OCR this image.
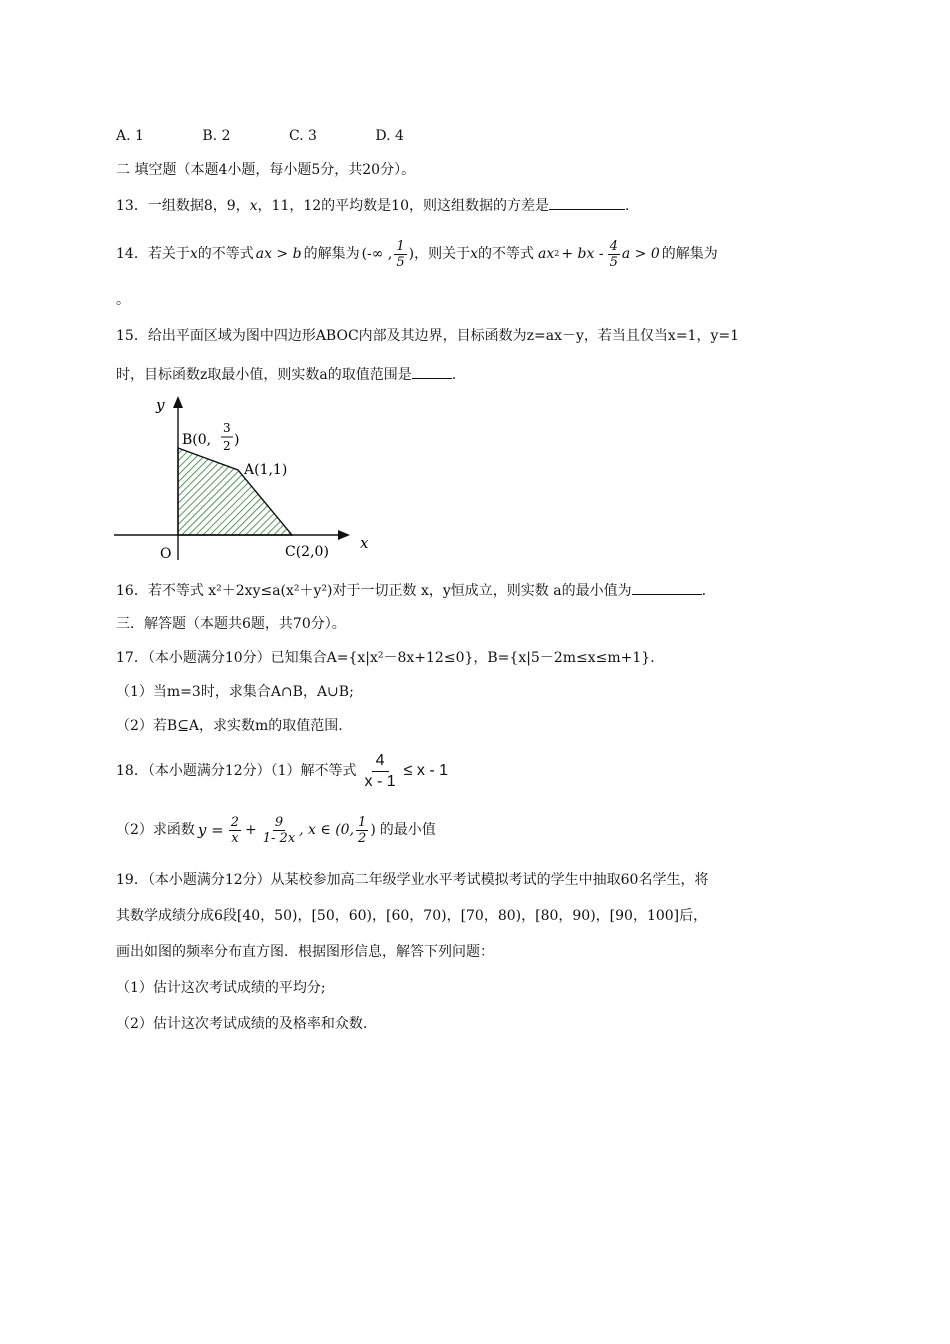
A. 1	B. 2	C. 3	D. 4
二 填空题（本题4小题，每小题5分，共20分）。
13．一组数据8，9，x，11，12的平均数是10，则这组数据的方差是	.
14．若关于 x 的不等式 ax > b 的解集为 (-∞ , $\frac{1}{5}$ ) ，则关于 x 的不等式 ax 2 + bx - $\frac{4}{5}$ a > 0 的解集为
。
15．给出平面区域为图中四边形ABOC内部及其边界，目标函数为z=ax－y，若当且仅当x=1，y=1
时，目标函数z取最小值，则实数a的取值范围是	.
y
x
O
B(0,
3
2 )
A(1,1)
C(2,0)
16．若不等式 x²＋2xy≤a(x²＋y²)对于一切正数 x，y恒成立，则实数 a的最小值为	.
三．解答题（本题共6题，共70分）。
17．（本小题满分10分）已知集合A={x|x²－8x+12≤0}，B={x|5－2m≤x≤m+1}.
（1）当m=3时，求集合A∩B，A∪B;
（2）若B⊆A，求实数m的取值范围.
18．（本小题满分12分）（1）解不等式 $\frac{4}{x - 1} \le x - 1$
（2）求函数 $y = \frac{2}{x} + \frac{9}{1- 2x}$ , x ∈ (0, $\frac{1}{2}$ ) 的最小值
19．（本小题满分12分）从某校参加高二年级学业水平考试模拟考试的学生中抽取60名学生，将
其数学成绩分成6段[40，50)，[50，60)，[60，70)，[70，80)，[80，90)，[90，100]后，
画出如图的频率分布直方图．根据图形信息，解答下列问题：
（1）估计这次考试成绩的平均分;
（2）估计这次考试成绩的及格率和众数.
